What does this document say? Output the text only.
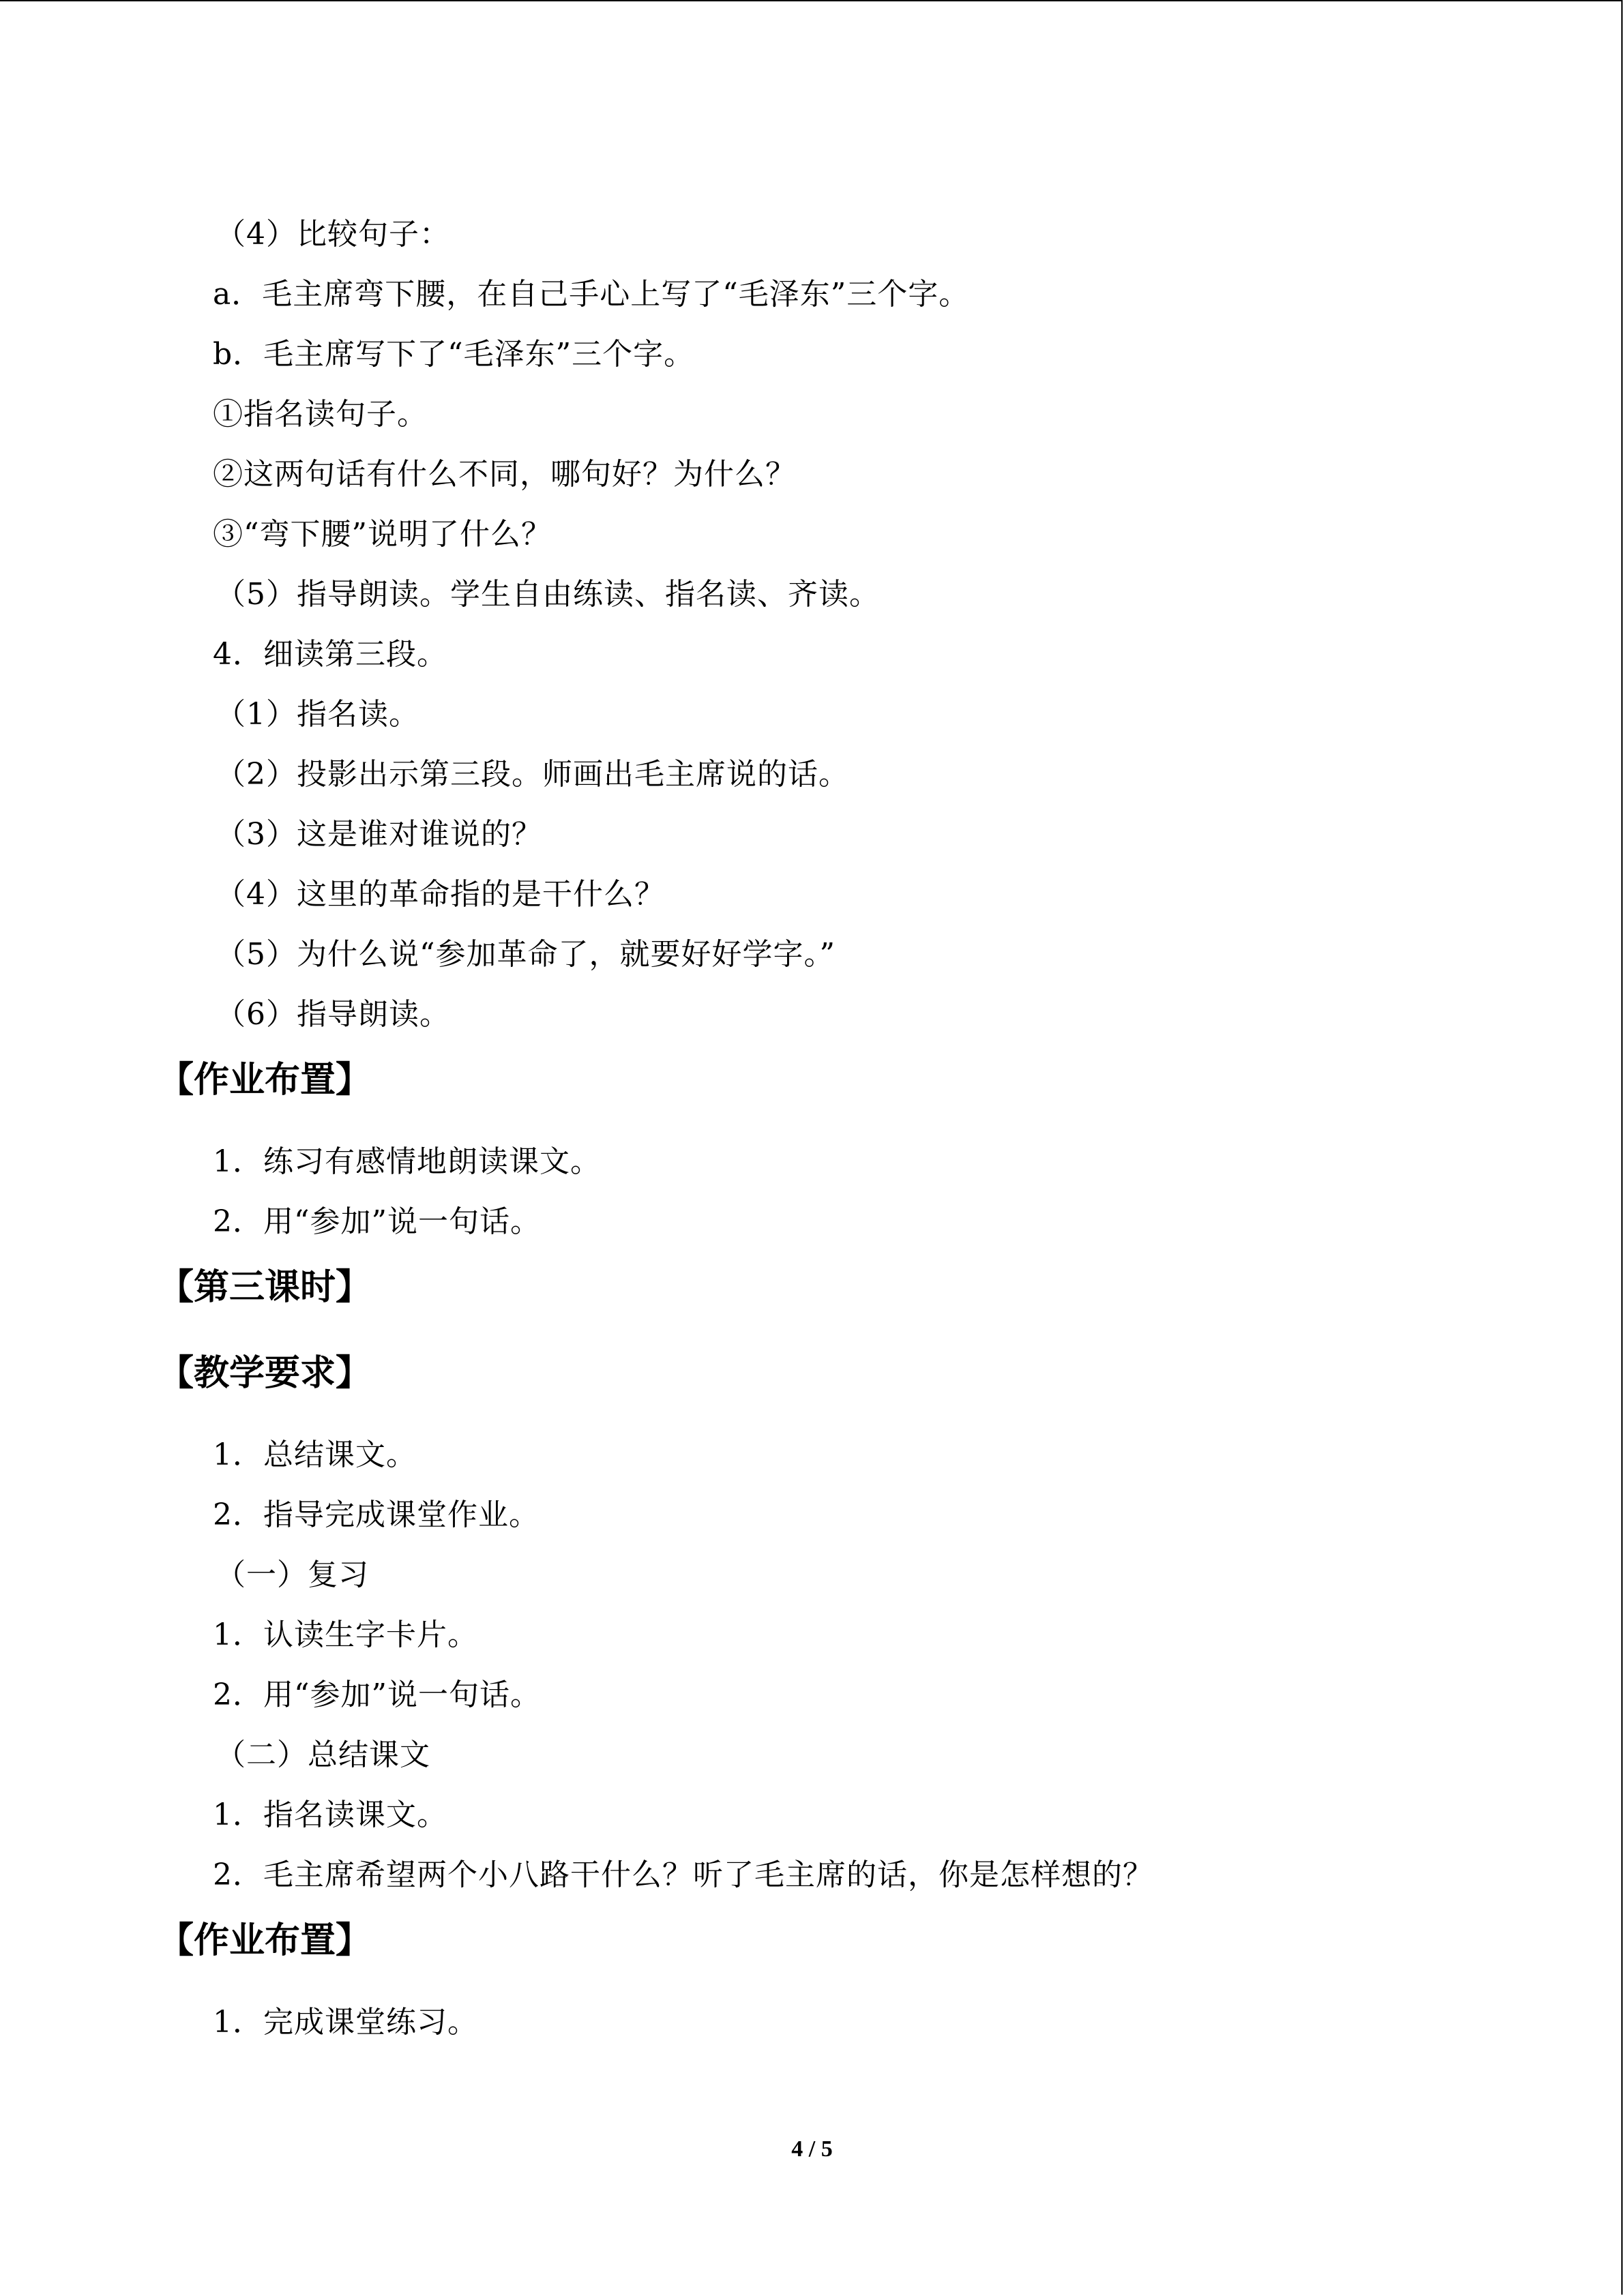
（4）比较句子：
a．毛主席弯下腰，在自己手心上写了“毛泽东”三个字。
b．毛主席写下了“毛泽东”三个字。
①指名读句子。
②这两句话有什么不同，哪句好？为什么？
③“弯下腰”说明了什么？
（5）指导朗读。学生自由练读、指名读、齐读。
4．细读第三段。
（1）指名读。
（2）投影出示第三段。师画出毛主席说的话。
（3）这是谁对谁说的？
（4）这里的革命指的是干什么？
（5）为什么说“参加革命了，就要好好学字。”
（6）指导朗读。
【作业布置】
1．练习有感情地朗读课文。
2．用“参加”说一句话。
【第三课时】
【教学要求】
1．总结课文。
2．指导完成课堂作业。
（一）复习
1．认读生字卡片。
2．用“参加”说一句话。
（二）总结课文
1．指名读课文。
2．毛主席希望两个小八路干什么？听了毛主席的话，你是怎样想的？
【作业布置】
1．完成课堂练习。
4 / 5
